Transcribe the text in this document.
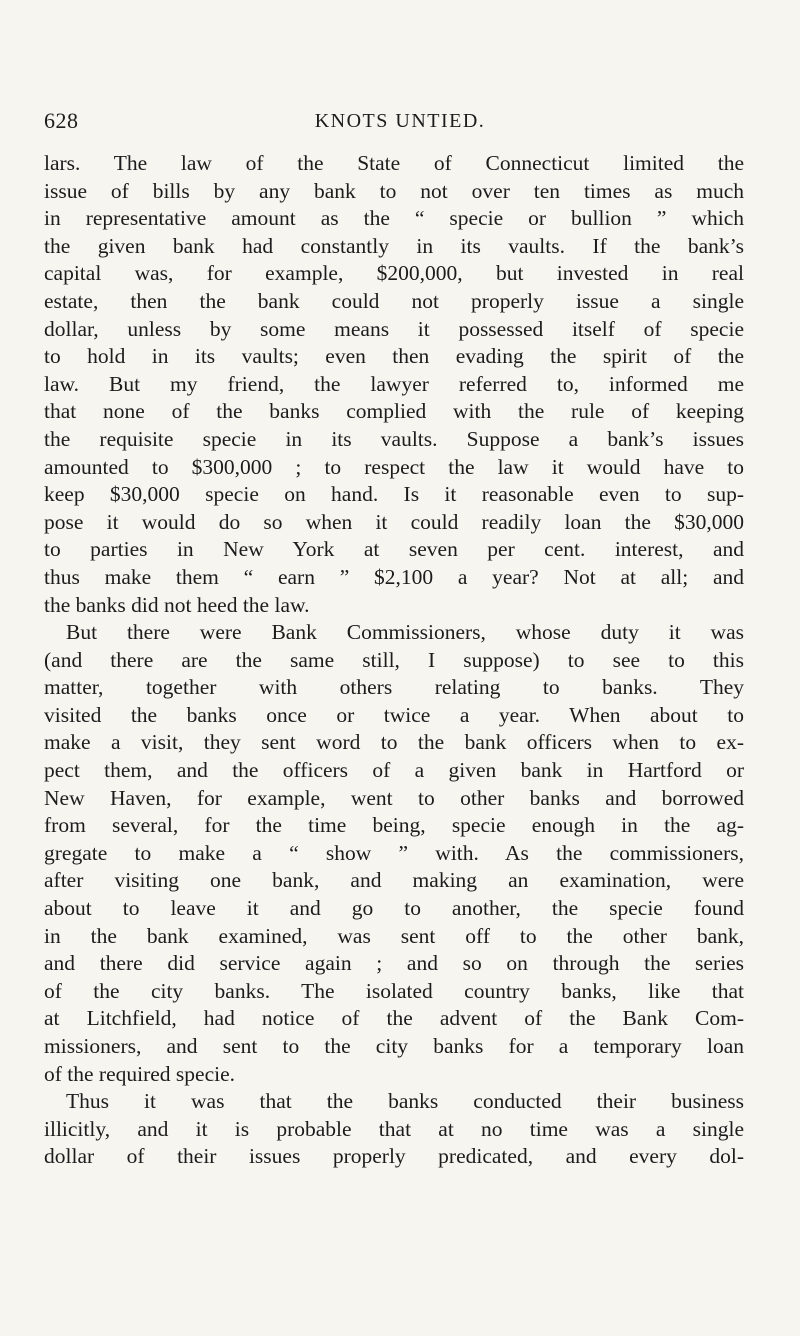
628	KNOTS UNTIED.
lars. The law of the State of Connecticut limited the
issue of bills by any bank to not over ten times as much
in representative amount as the “ specie or bullion ” which
the given bank had constantly in its vaults. If the bank’s
capital was, for example, $200,000, but invested in real
estate, then the bank could not properly issue a single
dollar, unless by some means it possessed itself of specie
to hold in its vaults; even then evading the spirit of the
law. But my friend, the lawyer referred to, informed me
that none of the banks complied with the rule of keeping
the requisite specie in its vaults. Suppose a bank’s issues
amounted to $300,000 ; to respect the law it would have to
keep $30,000 specie on hand. Is it reasonable even to sup-
pose it would do so when it could readily loan the $30,000
to parties in New York at seven per cent. interest, and
thus make them “ earn ” $2,100 a year? Not at all; and
the banks did not heed the law.
But there were Bank Commissioners, whose duty it was
(and there are the same still, I suppose) to see to this
matter, together with others relating to banks. They
visited the banks once or twice a year. When about to
make a visit, they sent word to the bank officers when to ex-
pect them, and the officers of a given bank in Hartford or
New Haven, for example, went to other banks and borrowed
from several, for the time being, specie enough in the ag-
gregate to make a “ show ” with. As the commissioners,
after visiting one bank, and making an examination, were
about to leave it and go to another, the specie found
in the bank examined, was sent off to the other bank,
and there did service again ; and so on through the series
of the city banks. The isolated country banks, like that
at Litchfield, had notice of the advent of the Bank Com-
missioners, and sent to the city banks for a temporary loan
of the required specie.
Thus it was that the banks conducted their business
illicitly, and it is probable that at no time was a single
dollar of their issues properly predicated, and every dol-
